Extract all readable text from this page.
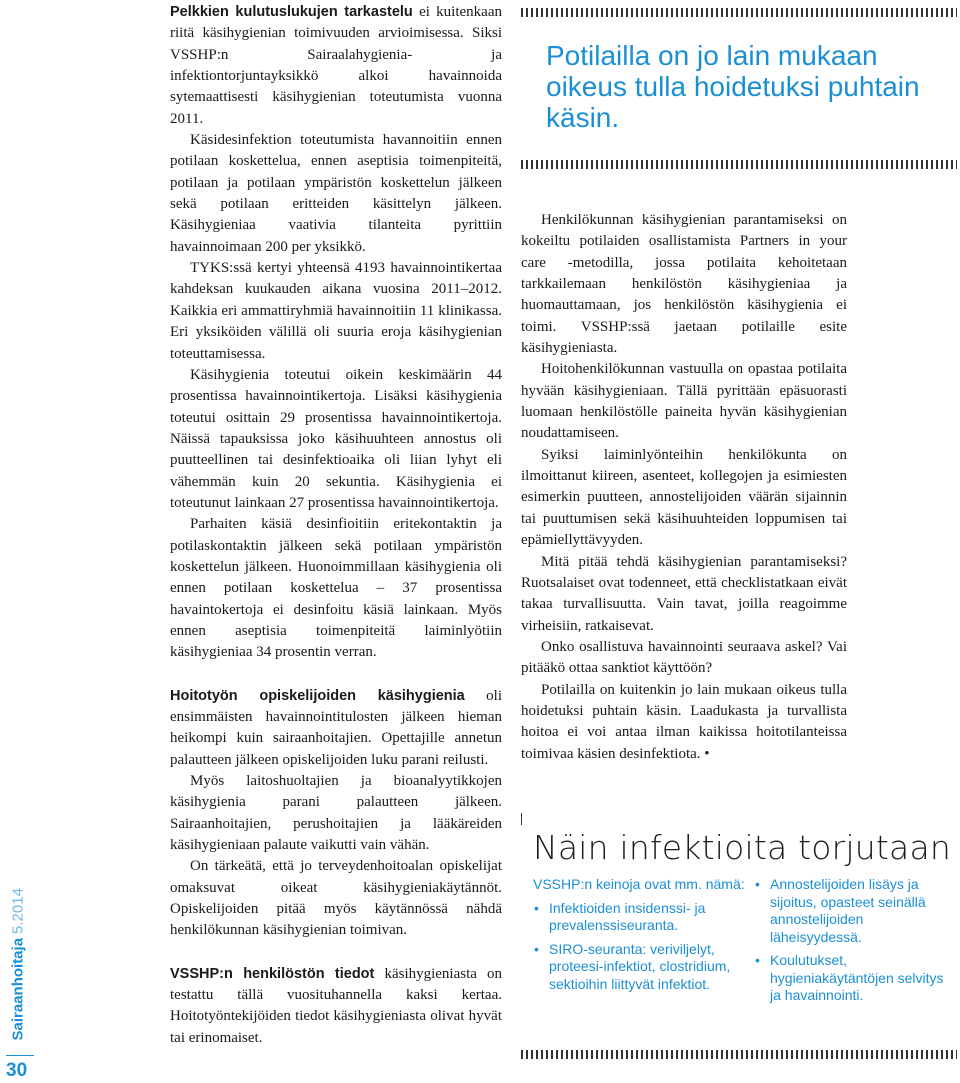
Sairaanhoitaja5.2014
30

Pelkkien kulutuslukujen tarkastelu ei kuitenkaan riitä käsihygienian toimivuuden arvioimisessa. Siksi VSSHP:n Sairaalahygienia- ja infektiontorjuntayksikkö alkoi havainnoida sytemaattisesti käsihygienian toteutumista vuonna 2011.

Käsidesinfektion toteutumista havannoitiin ennen potilaan koskettelua, ennen aseptisia toimenpiteitä, potilaan ja potilaan ympäristön koskettelun jälkeen sekä potilaan eritteiden käsittelyn jälkeen. Käsihygieniaa vaativia tilanteita pyrittiin havainnoimaan 200 per yksikkö.

TYKS:ssä kertyi yhteensä 4193 havainnointikertaa kahdeksan kuukauden aikana vuosina 2011–2012. Kaikkia eri ammattiryhmiä havainnoitiin 11 klinikassa. Eri yksiköiden välillä oli suuria eroja käsihygienian toteuttamisessa.

Käsihygienia toteutui oikein keskimäärin 44 prosentissa havainnointikertoja. Lisäksi käsihygienia toteutui osittain 29 prosentissa havainnointikertoja. Näissä tapauksissa joko käsihuuhteen annostus oli puutteellinen tai desinfektioaika oli liian lyhyt eli vähemmän kuin 20 sekuntia. Käsihygienia ei toteutunut lainkaan 27 prosentissa havainnointikertoja.

Parhaiten käsiä desinfioitiin eritekontaktin ja potilaskontaktin jälkeen sekä potilaan ympäristön koskettelun jälkeen. Huonoimmillaan käsihygienia oli ennen potilaan koskettelua – 37 prosentissa havaintokertoja ei desinfoitu käsiä lainkaan. Myös ennen aseptisia toimenpiteitä laiminlyötiin käsihygieniaa 34 prosentin verran.

Hoitotyön opiskelijoiden käsihygienia oli ensimmäisten havainnointitulosten jälkeen hieman heikompi kuin sairaanhoitajien. Opettajille annetun palautteen jälkeen opiskelijoiden luku parani reilusti.

Myös laitoshuoltajien ja bioanalyytikkojen käsihygienia parani palautteen jälkeen. Sairaanhoitajien, perushoitajien ja lääkäreiden käsihygieniaan palaute vaikutti vain vähän.

On tärkeätä, että jo terveydenhoitoalan opiskelijat omaksuvat oikeat käsihygieniakäytännöt. Opiskelijoiden pitää myös käytännössä nähdä henkilökunnan käsihygienian toimivan.

VSSHP:n henkilöstön tiedot käsihygieniasta on testattu tällä vuosituhannella kaksi kertaa. Hoitotyöntekijöiden tiedot käsihygieniasta olivat hyvät tai erinomaiset.

Potilailla on jo lain mukaan oikeus tulla hoidetuksi puhtain käsin.

Henkilökunnan käsihygienian parantamiseksi on kokeiltu potilaiden osallistamista Partners in your care -metodilla, jossa potilaita kehoitetaan tarkkailemaan henkilöstön käsihygieniaa ja huomauttamaan, jos henkilöstön käsihygienia ei toimi. VSSHP:ssä jaetaan potilaille esite käsihygieniasta.

Hoitohenkilökunnan vastuulla on opastaa potilaita hyvään käsihygieniaan. Tällä pyrittään epäsuorasti luomaan henkilöstölle paineita hyvän käsihygienian noudattamiseen.

Syiksi laiminlyönteihin henkilökunta on ilmoittanut kiireen, asenteet, kollegojen ja esimiesten esimerkin puutteen, annostelijoiden väärän sijainnin tai puuttumisen sekä käsihuuhteiden loppumisen tai epämiellyttävyyden.

Mitä pitää tehdä käsihygienian parantamiseksi? Ruotsalaiset ovat todenneet, että checklistatkaan eivät takaa turvallisuutta. Vain tavat, joilla reagoimme virheisiin, ratkaisevat.

Onko osallistuva havainnointi seuraava askel? Vai pitääkö ottaa sanktiot käyttöön?

Potilailla on kuitenkin jo lain mukaan oikeus tulla hoidetuksi puhtain käsin. Laadukasta ja turvallista hoitoa ei voi antaa ilman kaikissa hoitotilanteissa toimivaa käsien desinfektiota. •

Näin infektioita torjutaan
VSSHP:n keinoja ovat mm. nämä:
• Infektioiden insidenssi- ja prevalenssiseuranta.
• SIRO-seuranta: veriviljelyt, proteesi-infektiot, clostridium, sektioihin liittyvät infektiot.
• Annostelijoiden lisäys ja sijoitus, opasteet seinällä annostelijoiden läheisyydessä.
• Koulutukset, hygieniakäytäntöjen selvitys ja havainnointi.
